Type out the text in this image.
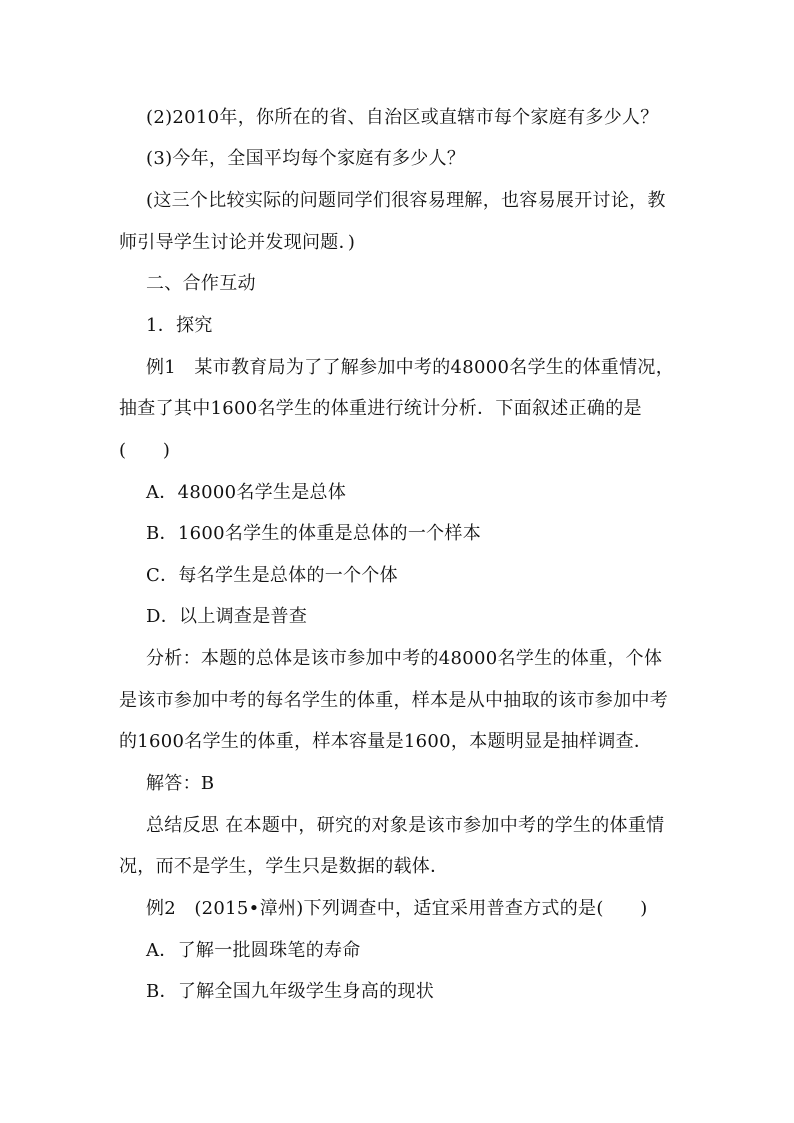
(2)2010年，你所在的省、自治区或直辖市每个家庭有多少人？
(3)今年，全国平均每个家庭有多少人？
(这三个比较实际的问题同学们很容易理解，也容易展开讨论，教
师引导学生讨论并发现问题．)
二、合作互动
1．探究
例1　某市教育局为了了解参加中考的48000名学生的体重情况，
抽查了其中1600名学生的体重进行统计分析．下面叙述正确的是
(　　)
A．48000名学生是总体
B．1600名学生的体重是总体的一个样本
C．每名学生是总体的一个个体
D．以上调查是普查
分析：本题的总体是该市参加中考的48000名学生的体重，个体
是该市参加中考的每名学生的体重，样本是从中抽取的该市参加中考
的1600名学生的体重，样本容量是1600，本题明显是抽样调查．
解答：B
总结反思 在本题中，研究的对象是该市参加中考的学生的体重情
况，而不是学生，学生只是数据的载体．
例2　(2015•漳州)下列调查中，适宜采用普查方式的是(　　)
A．了解一批圆珠笔的寿命
B．了解全国九年级学生身高的现状
